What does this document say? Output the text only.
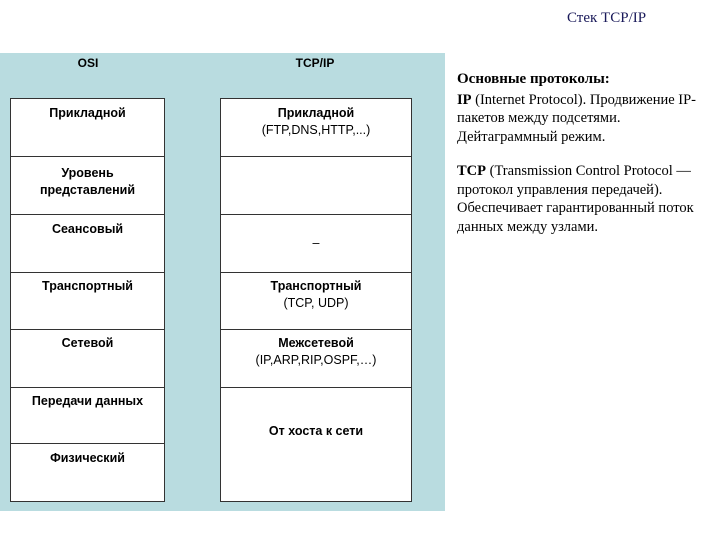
Стек TCP/IP
OSI	TCP/IP
Прикладной
Уровень представлений
Сеансовый
Транспортный
Сетевой
Передачи данных
Физический
Прикладной
(FTP,DNS,HTTP,...)
–
Транспортный
(TCP, UDP)
Межсетевой
(IP,ARP,RIP,OSPF,…)
От хоста к сети

Основные протоколы:

IP (Internet Protocol). Продвижение IP-пакетов между подсетями. Дейтаграммный режим.

TCP (Transmission Control Protocol — протокол управления передачей). Обеспечивает гарантированный поток данных между узлами.
